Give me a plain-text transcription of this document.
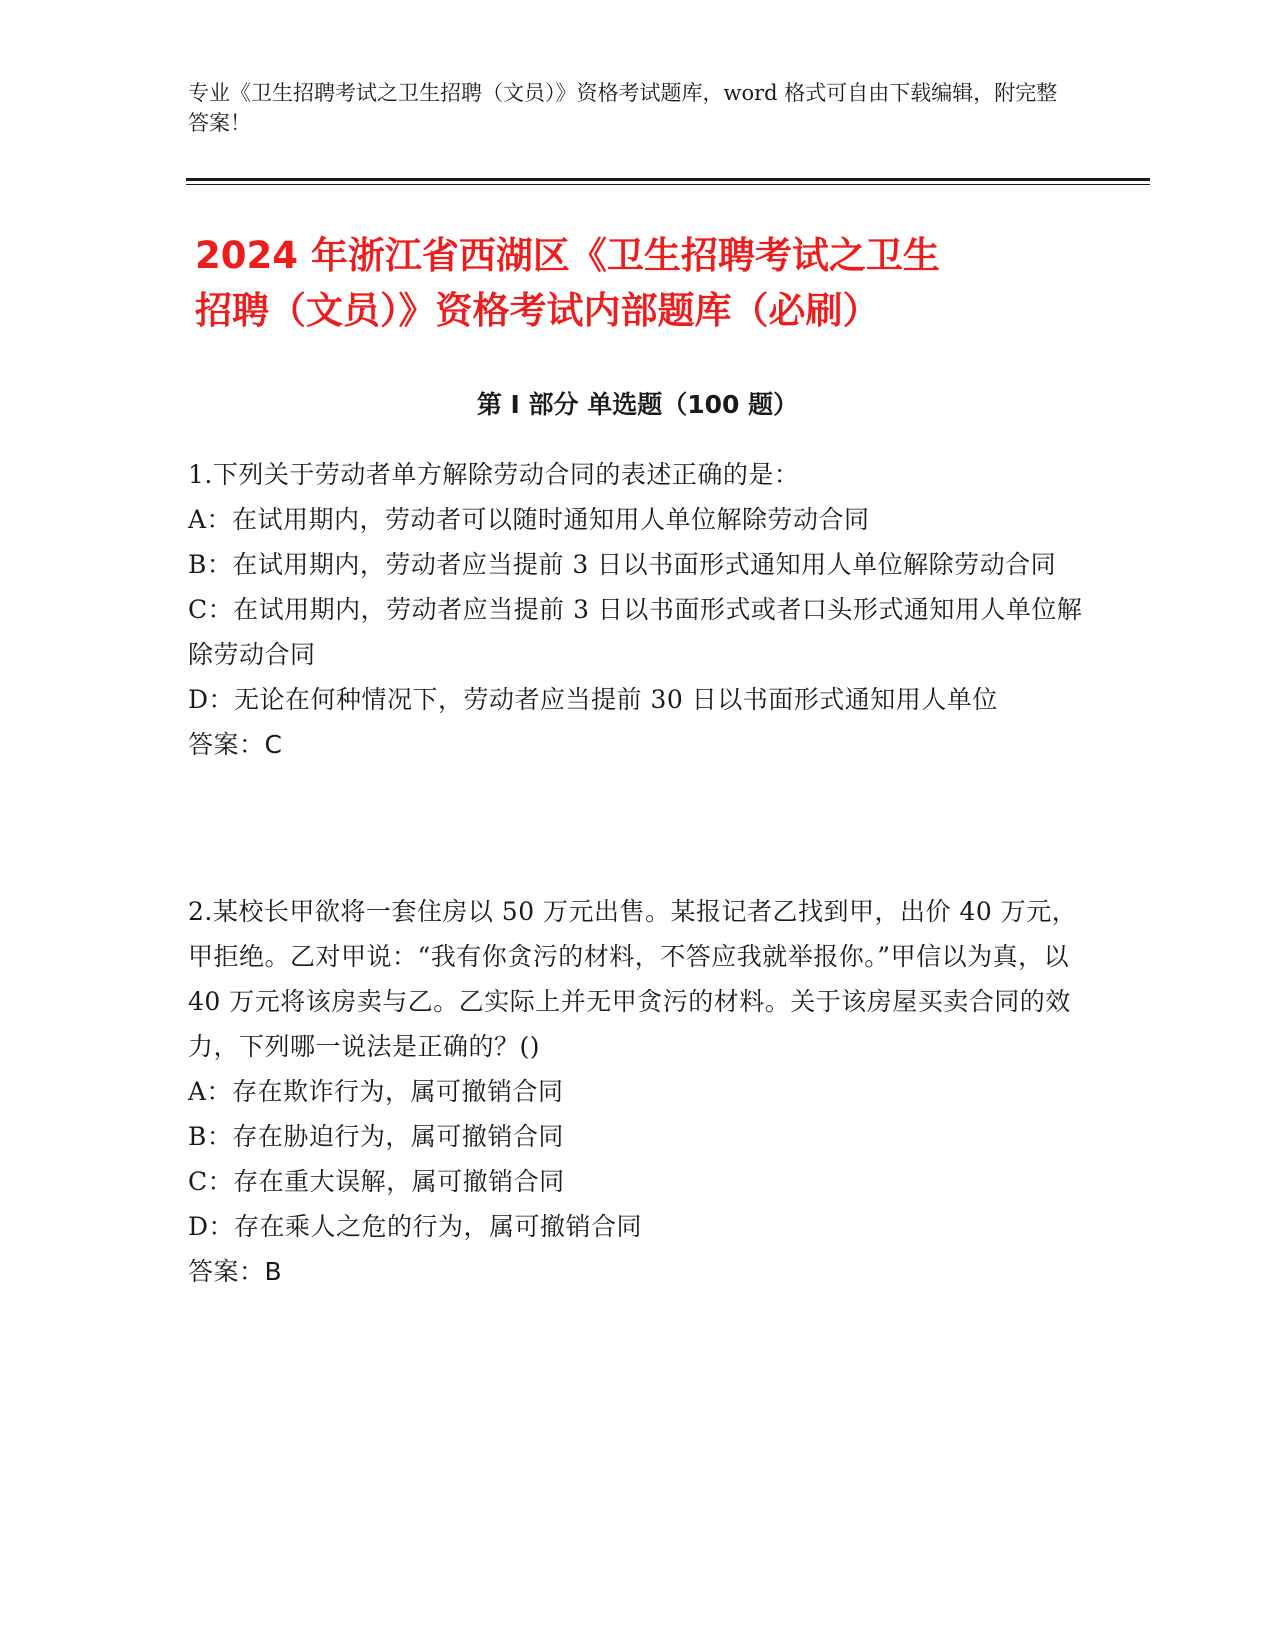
专业《卫生招聘考试之卫生招聘（文员）》资格考试题库，word 格式可自由下载编辑，附完整答案！
2024 年浙江省西湖区《卫生招聘考试之卫生
招聘（文员）》资格考试内部题库（必刷）
第 I 部分 单选题（100 题）

1.下列关于劳动者单方解除劳动合同的表述正确的是：

A：在试用期内，劳动者可以随时通知用人单位解除劳动合同

B：在试用期内，劳动者应当提前 3 日以书面形式通知用人单位解除劳动合同

C：在试用期内，劳动者应当提前 3 日以书面形式或者口头形式通知用人单位解除劳动合同

D：无论在何种情况下，劳动者应当提前 30 日以书面形式通知用人单位

答案：C

2.某校长甲欲将一套住房以 50 万元出售。某报记者乙找到甲，出价 40 万元，甲拒绝。乙对甲说：“我有你贪污的材料，不答应我就举报你。”甲信以为真，以 40 万元将该房卖与乙。乙实际上并无甲贪污的材料。关于该房屋买卖合同的效力，下列哪一说法是正确的？()

A：存在欺诈行为，属可撤销合同

B：存在胁迫行为，属可撤销合同

C：存在重大误解，属可撤销合同

D：存在乘人之危的行为，属可撤销合同

答案：B
